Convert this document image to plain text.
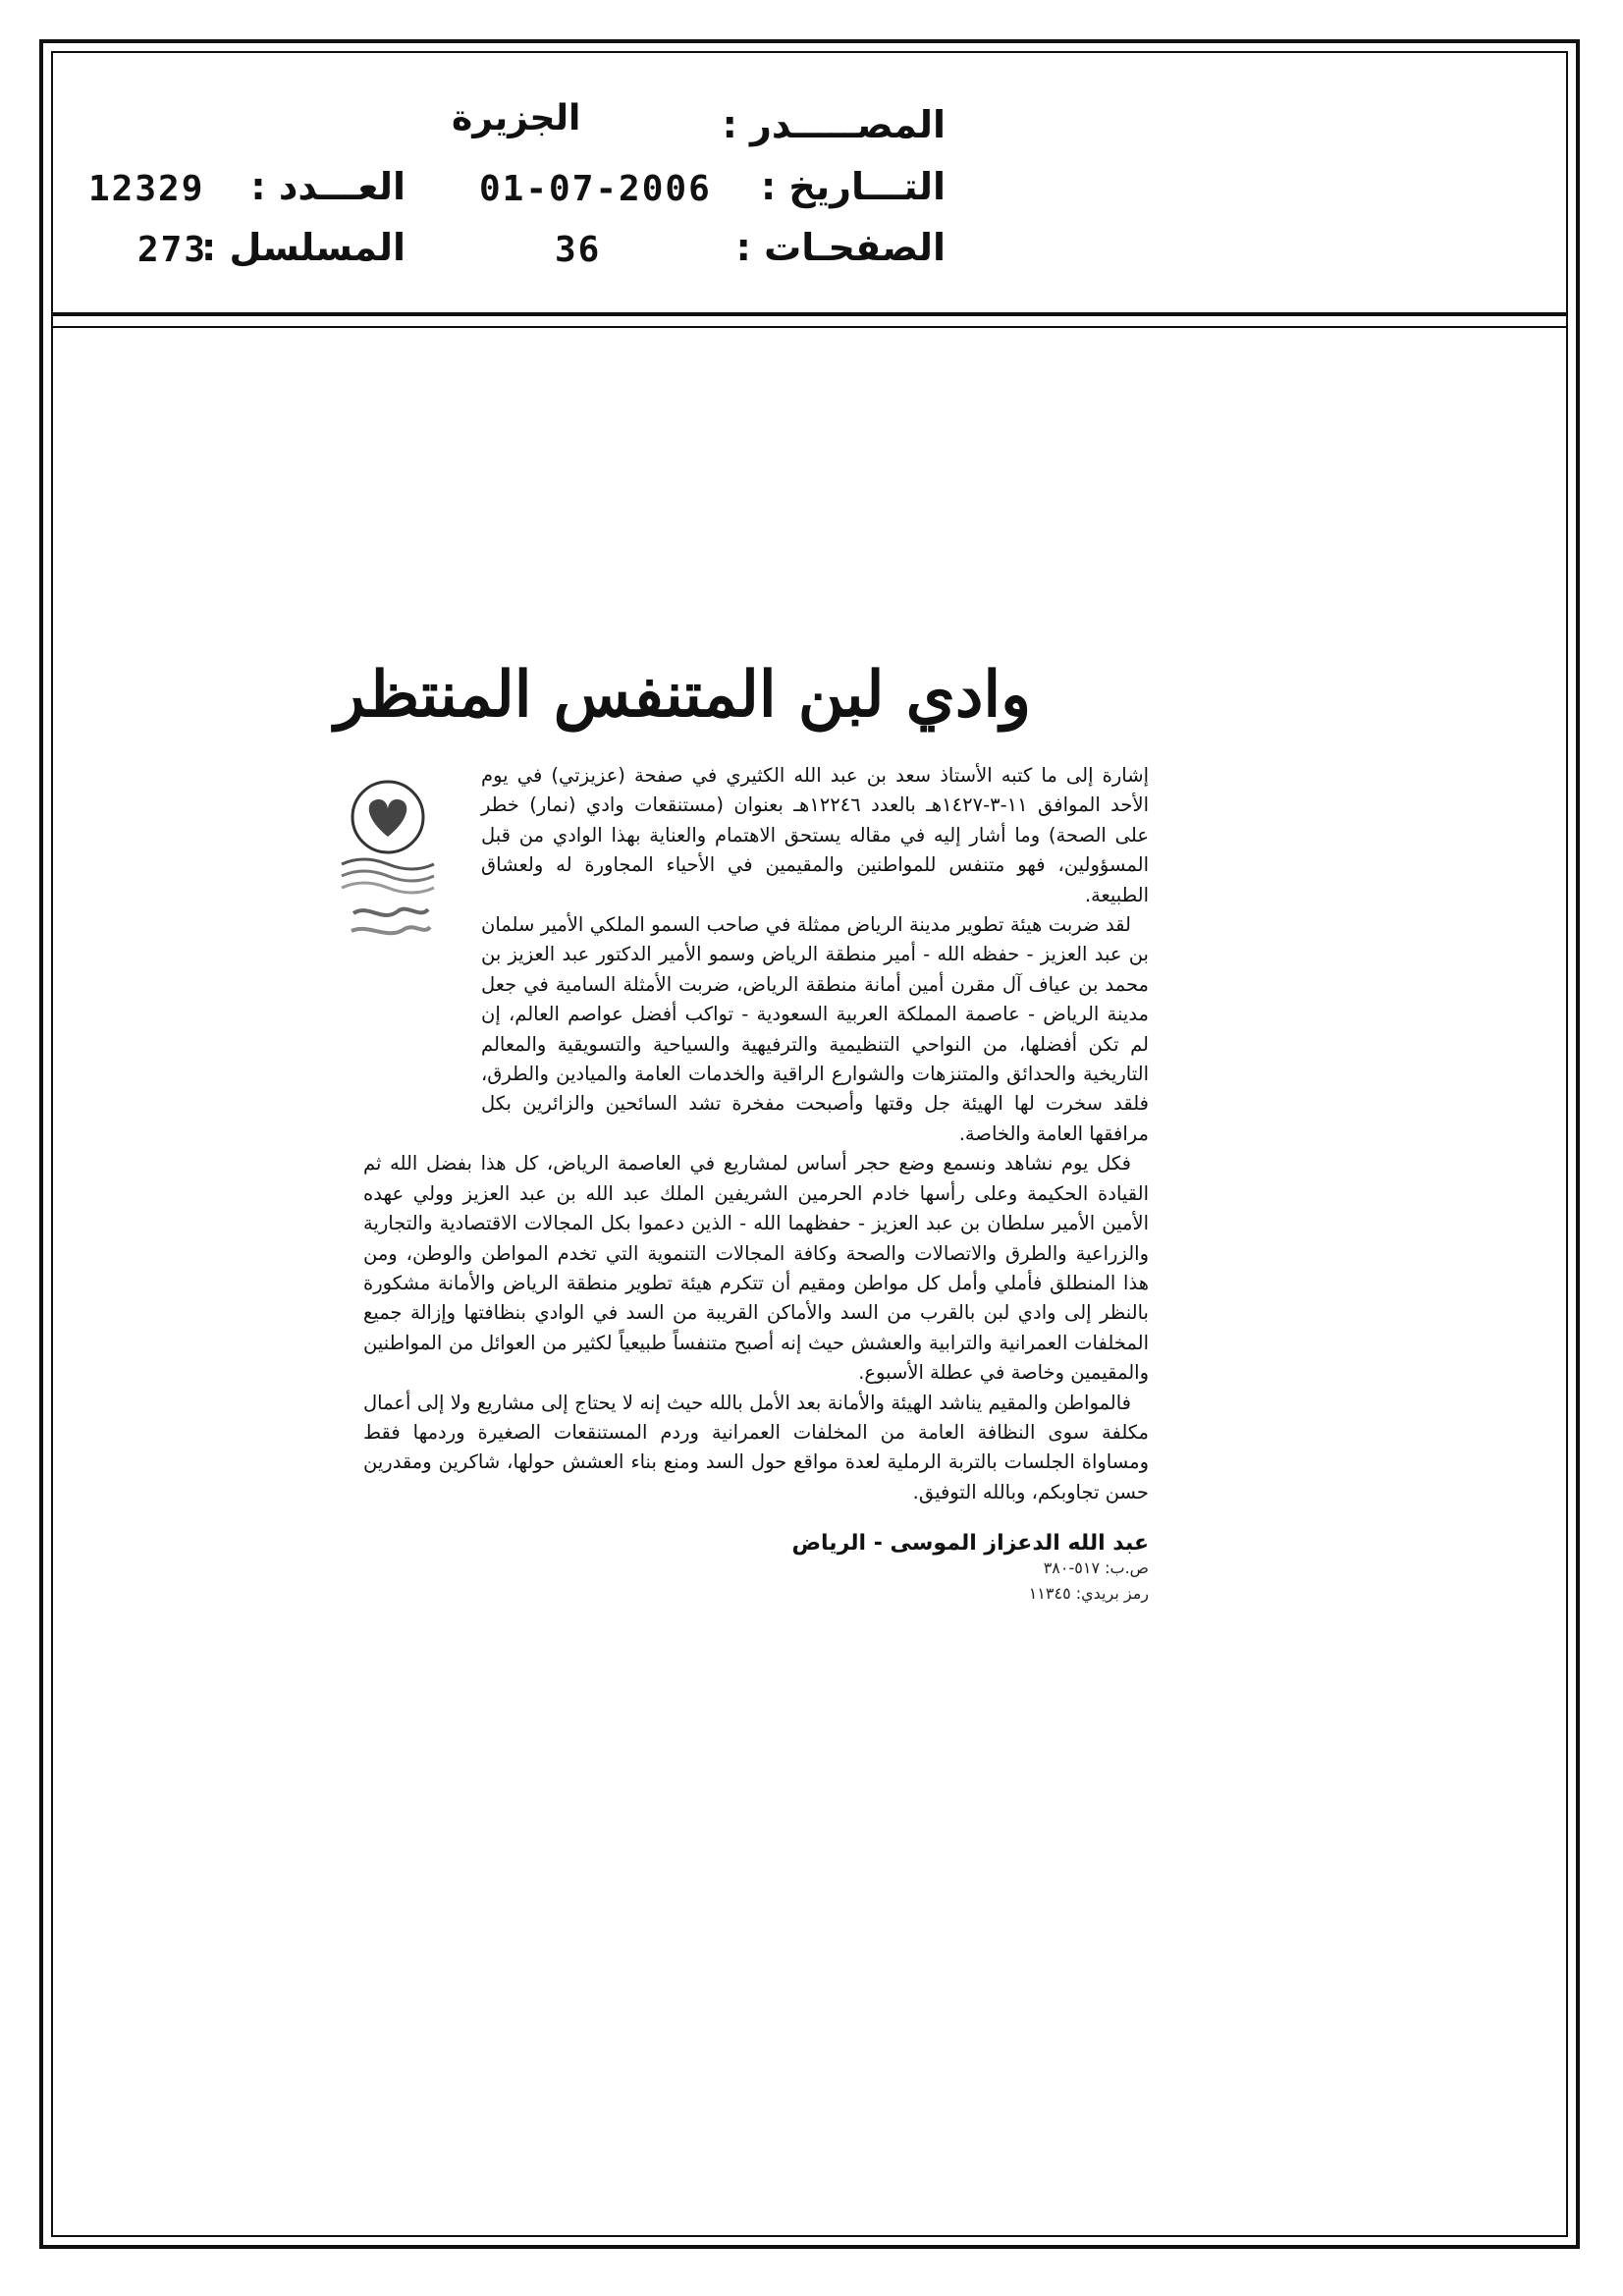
المصـــــدر :
التـــاريخ :
الصفحـات :
الجزيرة
01-07-2006
36
العـــدد :
المسلسل :
12329
273
وادي لبن المتنفس المنتظر

إشارة إلى ما كتبه الأستاذ سعد بن عبد الله الكثيري في صفحة (عزيزتي) في يوم الأحد الموافق ١١-٣-١٤٢٧هـ بالعدد ١٢٢٤٦هـ بعنوان (مستنقعات وادي (نمار) خطر على الصحة) وما أشار إليه في مقاله يستحق الاهتمام والعناية بهذا الوادي من قبل المسؤولين، فهو متنفس للمواطنين والمقيمين في الأحياء المجاورة له ولعشاق الطبيعة.

لقد ضربت هيئة تطوير مدينة الرياض ممثلة في صاحب السمو الملكي الأمير سلمان بن عبد العزيز - حفظه الله - أمير منطقة الرياض وسمو الأمير الدكتور عبد العزيز بن محمد بن عياف آل مقرن أمين أمانة منطقة الرياض، ضربت الأمثلة السامية في جعل مدينة الرياض - عاصمة المملكة العربية السعودية - تواكب أفضل عواصم العالم، إن لم تكن أفضلها، من النواحي التنظيمية والترفيهية والسياحية والتسويقية والمعالم التاريخية والحدائق والمتنزهات والشوارع الراقية والخدمات العامة والميادين والطرق، فلقد سخرت لها الهيئة جل وقتها وأصبحت مفخرة تشد السائحين والزائرين بكل مرافقها العامة والخاصة.

فكل يوم نشاهد ونسمع وضع حجر أساس لمشاريع في العاصمة الرياض، كل هذا بفضل الله ثم القيادة الحكيمة وعلى رأسها خادم الحرمين الشريفين الملك عبد الله بن عبد العزيز وولي عهده الأمين الأمير سلطان بن عبد العزيز - حفظهما الله - الذين دعموا بكل المجالات الاقتصادية والتجارية والزراعية والطرق والاتصالات والصحة وكافة المجالات التنموية التي تخدم المواطن والوطن، ومن هذا المنطلق فأملي وأمل كل مواطن ومقيم أن تتكرم هيئة تطوير منطقة الرياض والأمانة مشكورة بالنظر إلى وادي لبن بالقرب من السد والأماكن القريبة من السد في الوادي بنظافتها وإزالة جميع المخلفات العمرانية والترابية والعشش حيث إنه أصبح متنفساً طبيعياً لكثير من العوائل من المواطنين والمقيمين وخاصة في عطلة الأسبوع.

فالمواطن والمقيم يناشد الهيئة والأمانة بعد الأمل بالله حيث إنه لا يحتاج إلى مشاريع ولا إلى أعمال مكلفة سوى النظافة العامة من المخلفات العمرانية وردم المستنقعات الصغيرة وردمها فقط ومساواة الجلسات بالتربة الرملية لعدة مواقع حول السد ومنع بناء العشش حولها، شاكرين ومقدرين حسن تجاوبكم، وبالله التوفيق.

عبد الله الدعزاز الموسى - الرياض
ص.ب: ٥١٧-٣٨٠
رمز بريدي: ١١٣٤٥
